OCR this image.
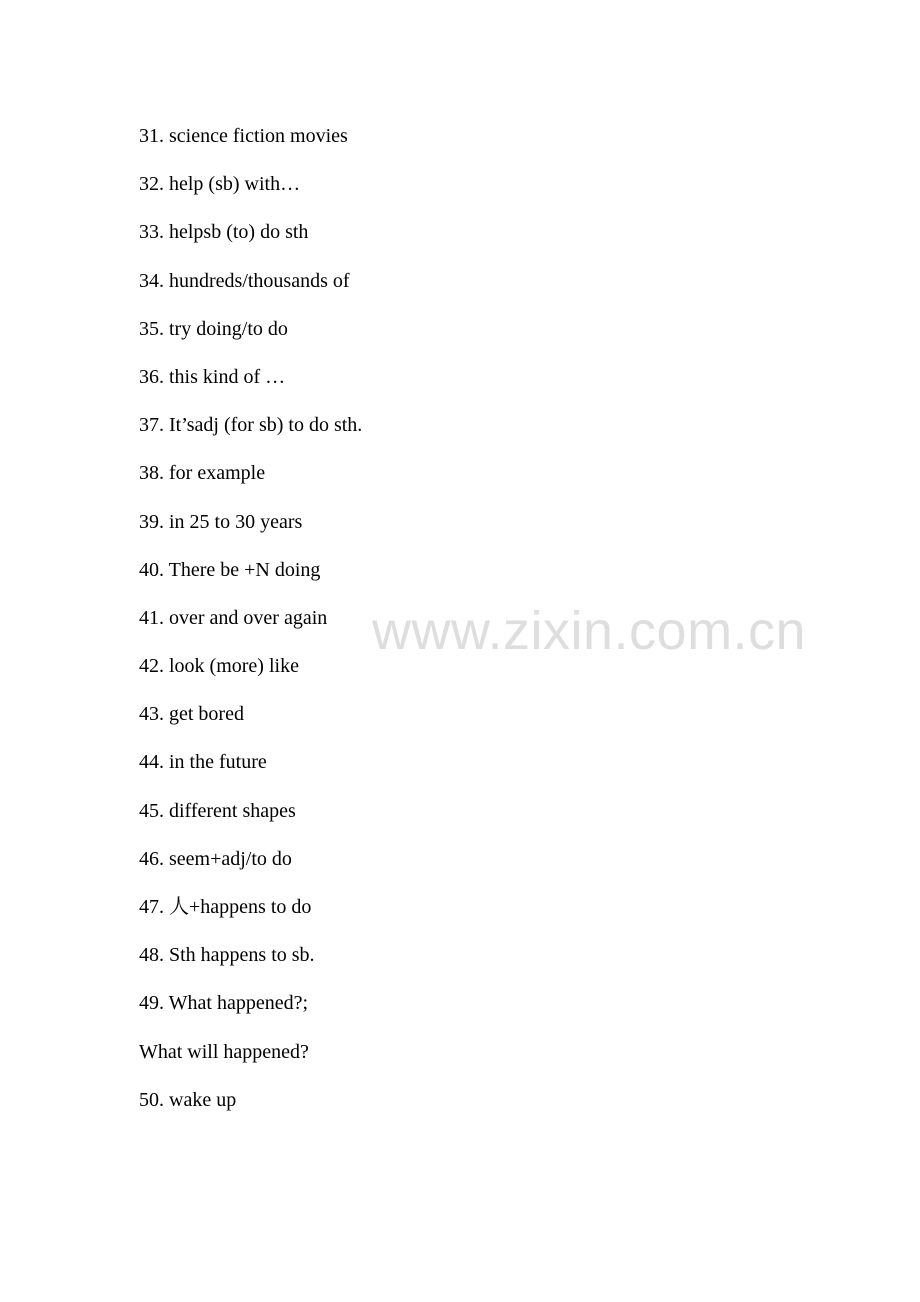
31. science fiction movies
32. help (sb) with…
33. helpsb (to) do sth
34. hundreds/thousands of
35. try doing/to do
36. this kind of …
37. It’sadj (for sb) to do sth.
38. for example
39. in 25 to 30 years
40. There be +N doing
41. over and over again
42. look (more) like
43. get bored
44. in the future
45. different shapes
46. seem+adj/to do
47. 人+happens to do
48. Sth happens to sb.
49. What happened?;
What will happened?
50. wake up
www.zixin.com.cn
